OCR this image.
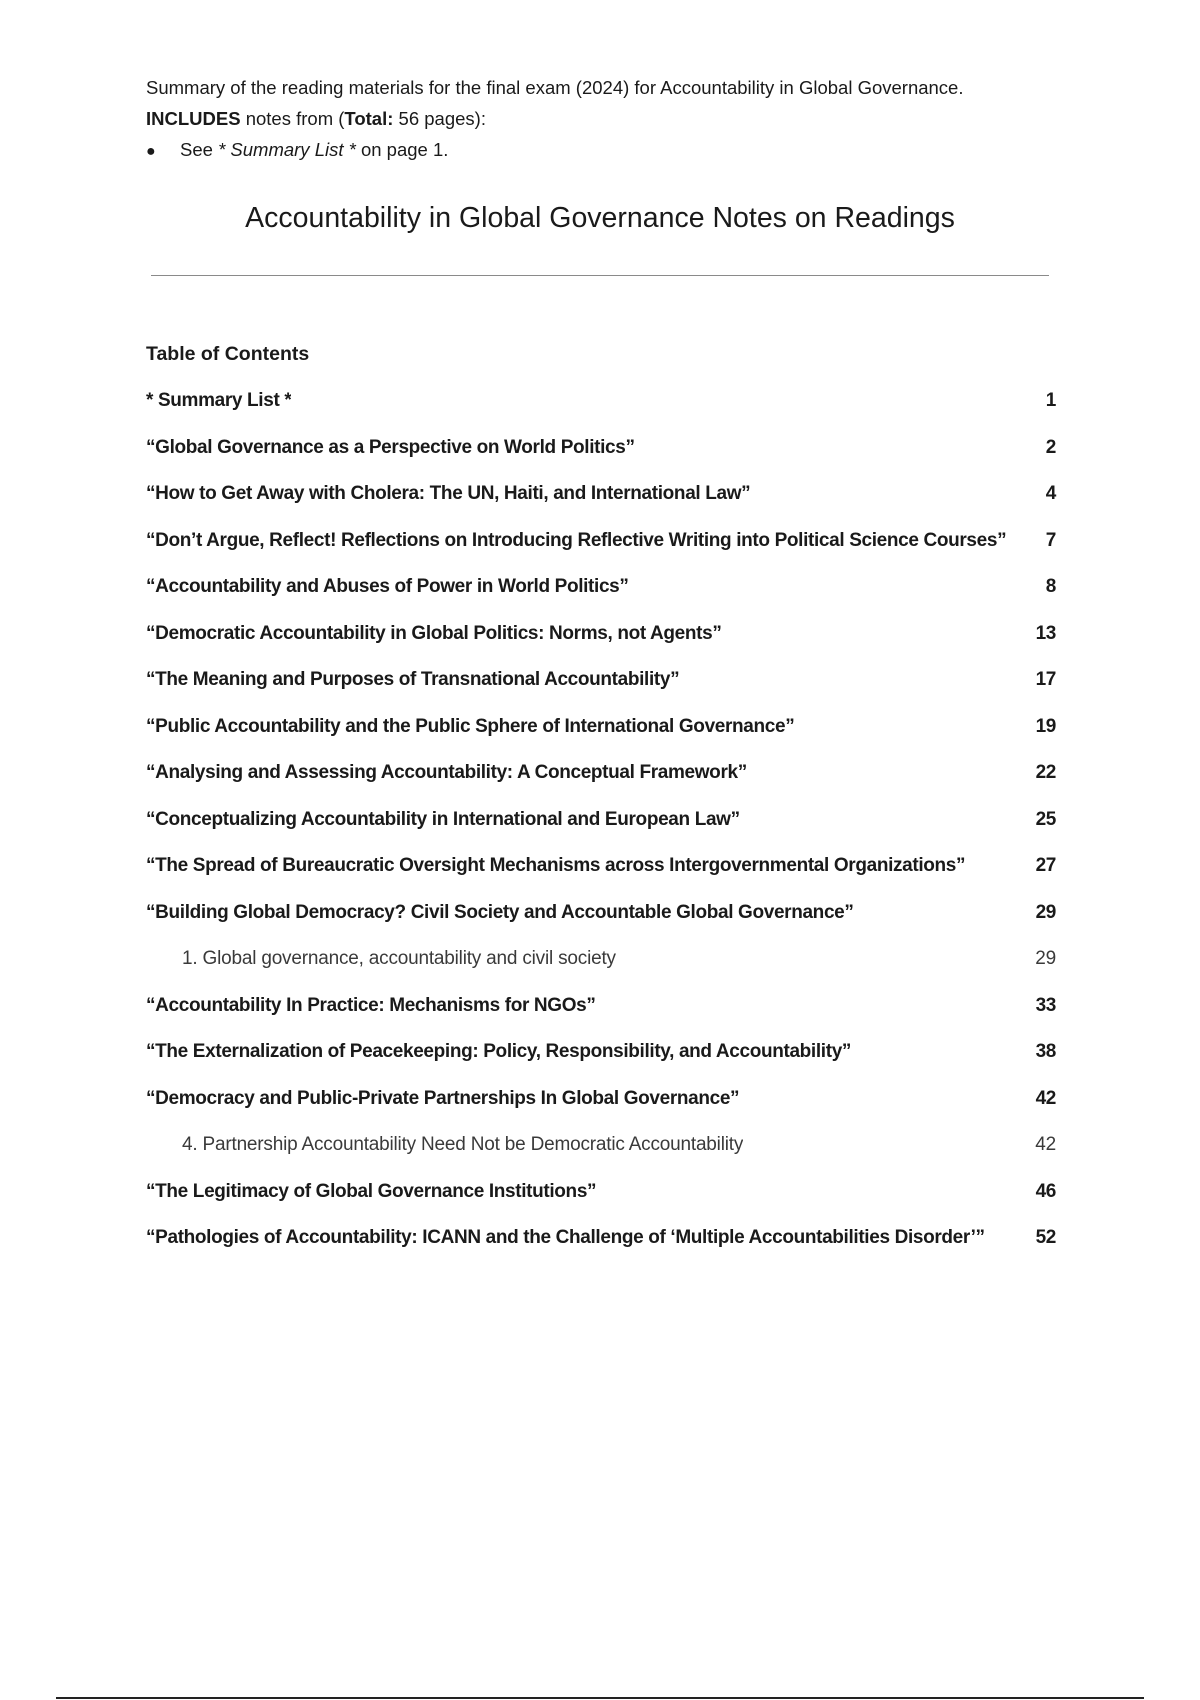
Summary of the reading materials for the final exam (2024) for Accountability in Global Governance.

INCLUDES notes from (Total: 56 pages):

● See * Summary List * on page 1.

Accountability in Global Governance Notes on Readings
Table of Contents
* Summary List *	1
“Global Governance as a Perspective on World Politics”	2
“How to Get Away with Cholera: The UN, Haiti, and International Law”	4
“Don’t Argue, Reflect! Reflections on Introducing Reflective Writing into Political Science Courses” 7
“Accountability and Abuses of Power in World Politics”	8
“Democratic Accountability in Global Politics: Norms, not Agents”	13
“The Meaning and Purposes of Transnational Accountability”	17
“Public Accountability and the Public Sphere of International Governance”	19
“Analysing and Assessing Accountability: A Conceptual Framework”	22
“Conceptualizing Accountability in International and European Law”	25
“The Spread of Bureaucratic Oversight Mechanisms across Intergovernmental Organizations”	27
“Building Global Democracy? Civil Society and Accountable Global Governance”	29
1. Global governance, accountability and civil society	29
“Accountability In Practice: Mechanisms for NGOs”	33
“The Externalization of Peacekeeping: Policy, Responsibility, and Accountability”	38
“Democracy and Public-Private Partnerships In Global Governance”	42
4. Partnership Accountability Need Not be Democratic Accountability	42
“The Legitimacy of Global Governance Institutions”	46
“Pathologies of Accountability: ICANN and the Challenge of ‘Multiple Accountabilities Disorder’”	52
